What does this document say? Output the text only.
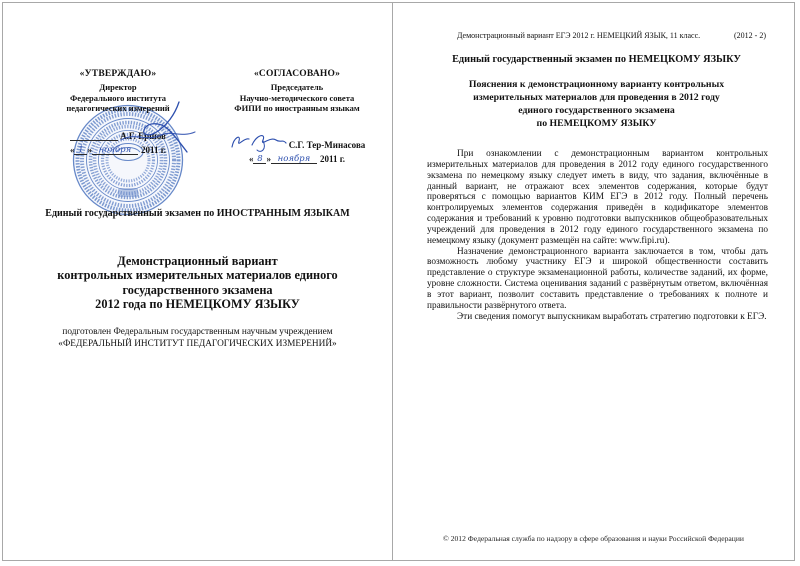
«УТВЕРЖДАЮ»
Директор
Федерального института
педагогических измерений
А.Г. Ершов
« 1 » ноября	2011 г.
«СОГЛАСОВАНО»
Председатель
Научно-методического совета
ФИПИ по иностранным языкам
С.Г. Тер-Минасова
« 8 » ноября	2011 г.
Единый государственный экзамен по ИНОСТРАННЫМ ЯЗЫКАМ
Демонстрационный вариант
контрольных измерительных материалов единого
государственного экзамена
2012 года по НЕМЕЦКОМУ ЯЗЫКУ
подготовлен Федеральным государственным научным учреждением
«ФЕДЕРАЛЬНЫЙ ИНСТИТУТ ПЕДАГОГИЧЕСКИХ ИЗМЕРЕНИЙ»
Демонстрационный вариант ЕГЭ 2012 г. НЕМЕЦКИЙ ЯЗЫК, 11 класс.	(2012 - 2)
Единый государственный экзамен по НЕМЕЦКОМУ ЯЗЫКУ
Пояснения к демонстрационному варианту контрольных
измерительных материалов для проведения в 2012 году
единого государственного экзамена
по НЕМЕЦКОМУ ЯЗЫКУ

При ознакомлении с демонстрационным вариантом контрольных измерительных материалов для проведения в 2012 году единого государственного экзамена по немецкому языку следует иметь в виду, что задания, включённые в данный вариант, не отражают всех элементов содержания, которые будут проверяться с помощью вариантов КИМ ЕГЭ в 2012 году. Полный перечень контролируемых элементов содержания приведён в кодификаторе элементов содержания и требований к уровню подготовки выпускников общеобразовательных учреждений для проведения в 2012 году единого государственного экзамена по немецкому языку (документ размещён на сайте: www.fipi.ru).

Назначение демонстрационного варианта заключается в том, чтобы дать возможность любому участнику ЕГЭ и широкой общественности составить представление о структуре экзаменационной работы, количестве заданий, их форме, уровне сложности. Система оценивания заданий с развёрнутым ответом, включённая в этот вариант, позволит составить представление о требованиях к полноте и правильности развёрнутого ответа.

Эти сведения помогут выпускникам выработать стратегию подготовки к ЕГЭ.

© 2012 Федеральная служба по надзору в сфере образования и науки Российской Федерации
